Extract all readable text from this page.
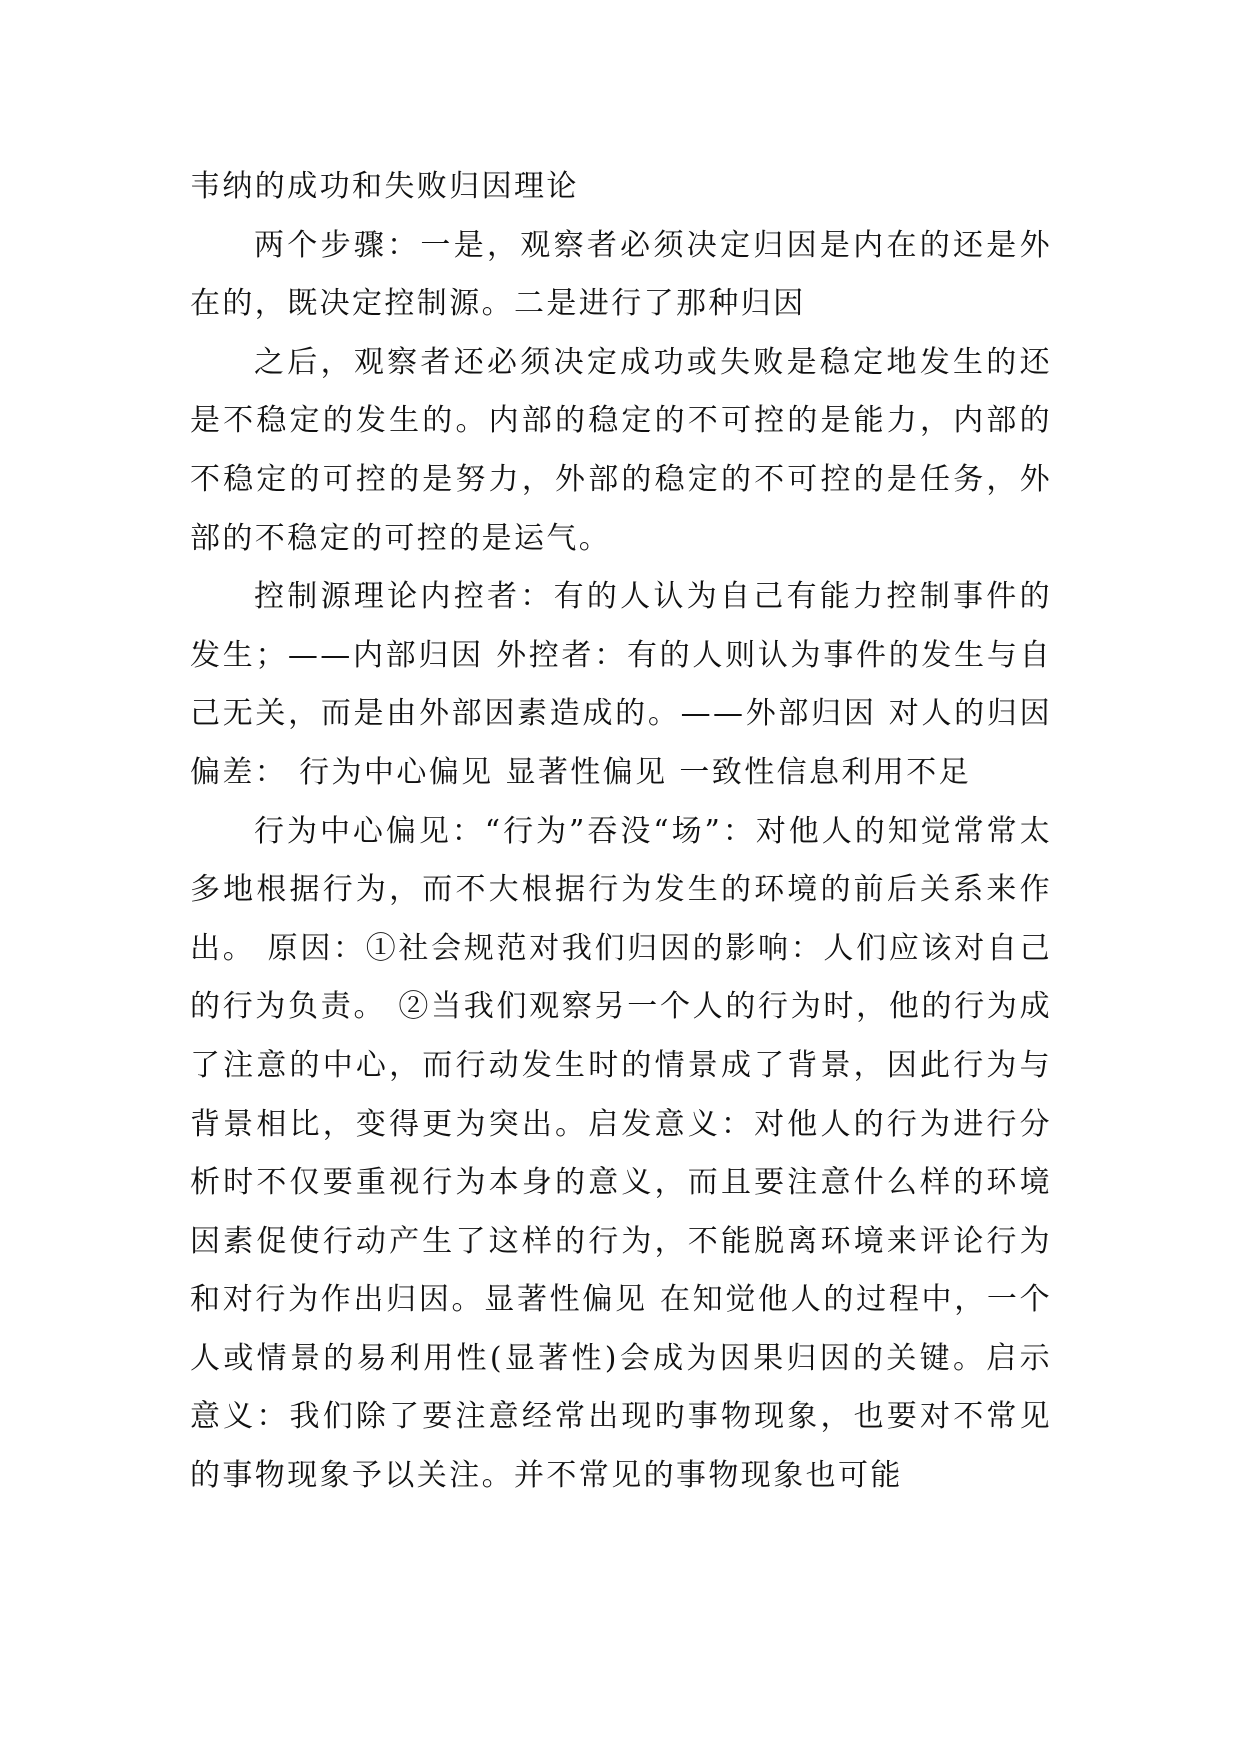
韦纳的成功和失败归因理论

两个步骤：一是，观察者必须决定归因是内在的还是外在的，既决定控制源。二是进行了那种归因

之后，观察者还必须决定成功或失败是稳定地发生的还是不稳定的发生的。内部的稳定的不可控的是能力，内部的不稳定的可控的是努力，外部的稳定的不可控的是任务，外部的不稳定的可控的是运气。

控制源理论内控者：有的人认为自己有能力控制事件的发生；——内部归因 外控者：有的人则认为事件的发生与自己无关，而是由外部因素造成的。——外部归因 对人的归因偏差： 行为中心偏见 显著性偏见 一致性信息利用不足

行为中心偏见：“行为”吞没“场”：对他人的知觉常常太多地根据行为，而不大根据行为发生的环境的前后关系来作出。 原因：①社会规范对我们归因的影响：人们应该对自己的行为负责。 ②当我们观察另一个人的行为时，他的行为成了注意的中心，而行动发生时的情景成了背景，因此行为与背景相比，变得更为突出。启发意义：对他人的行为进行分析时不仅要重视行为本身的意义，而且要注意什么样的环境因素促使行动产生了这样的行为，不能脱离环境来评论行为和对行为作出归因。显著性偏见 在知觉他人的过程中，一个人或情景的易利用性(显著性)会成为因果归因的关键。启示意义：我们除了要注意经常出现旳事物现象，也要对不常见的事物现象予以关注。并不常见的事物现象也可能
